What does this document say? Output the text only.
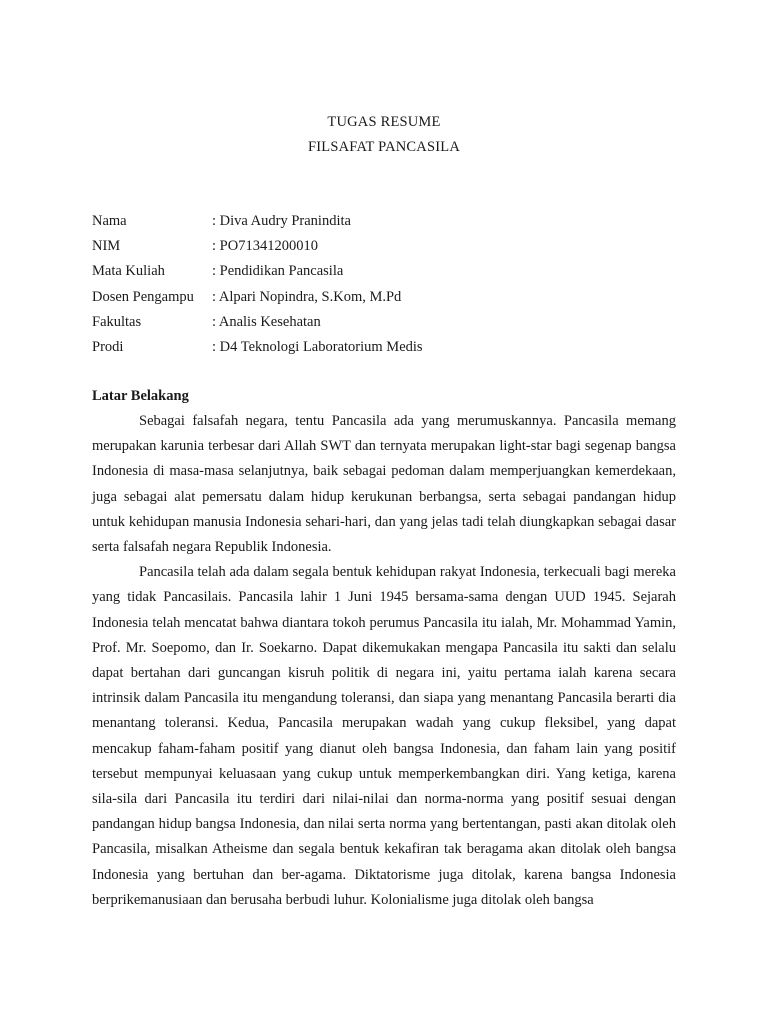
TUGAS RESUME
FILSAFAT PANCASILA
Nama	: Diva Audry Pranindita
NIM	: PO71341200010
Mata Kuliah	: Pendidikan Pancasila
Dosen Pengampu	: Alpari Nopindra, S.Kom, M.Pd
Fakultas	: Analis Kesehatan
Prodi	: D4 Teknologi Laboratorium Medis
Latar Belakang

Sebagai falsafah negara, tentu Pancasila ada yang merumuskannya. Pancasila memang merupakan karunia terbesar dari Allah SWT dan ternyata merupakan light-star bagi segenap bangsa Indonesia di masa-masa selanjutnya, baik sebagai pedoman dalam memperjuangkan kemerdekaan, juga sebagai alat pemersatu dalam hidup kerukunan berbangsa, serta sebagai pandangan hidup untuk kehidupan manusia Indonesia sehari-hari, dan yang jelas tadi telah diungkapkan sebagai dasar serta falsafah negara Republik Indonesia.

Pancasila telah ada dalam segala bentuk kehidupan rakyat Indonesia, terkecuali bagi mereka yang tidak Pancasilais. Pancasila lahir 1 Juni 1945 bersama-sama dengan UUD 1945. Sejarah Indonesia telah mencatat bahwa diantara tokoh perumus Pancasila itu ialah, Mr. Mohammad Yamin, Prof. Mr. Soepomo, dan Ir. Soekarno. Dapat dikemukakan mengapa Pancasila itu sakti dan selalu dapat bertahan dari guncangan kisruh politik di negara ini, yaitu pertama ialah karena secara intrinsik dalam Pancasila itu mengandung toleransi, dan siapa yang menantang Pancasila berarti dia menantang toleransi. Kedua, Pancasila merupakan wadah yang cukup fleksibel, yang dapat mencakup faham-faham positif yang dianut oleh bangsa Indonesia, dan faham lain yang positif tersebut mempunyai keluasaan yang cukup untuk memperkembangkan diri. Yang ketiga, karena sila-sila dari Pancasila itu terdiri dari nilai-nilai dan norma-norma yang positif sesuai dengan pandangan hidup bangsa Indonesia, dan nilai serta norma yang bertentangan, pasti akan ditolak oleh Pancasila, misalkan Atheisme dan segala bentuk kekafiran tak beragama akan ditolak oleh bangsa Indonesia yang bertuhan dan ber-agama. Diktatorisme juga ditolak, karena bangsa Indonesia berprikemanusiaan dan berusaha berbudi luhur. Kolonialisme juga ditolak oleh bangsa
